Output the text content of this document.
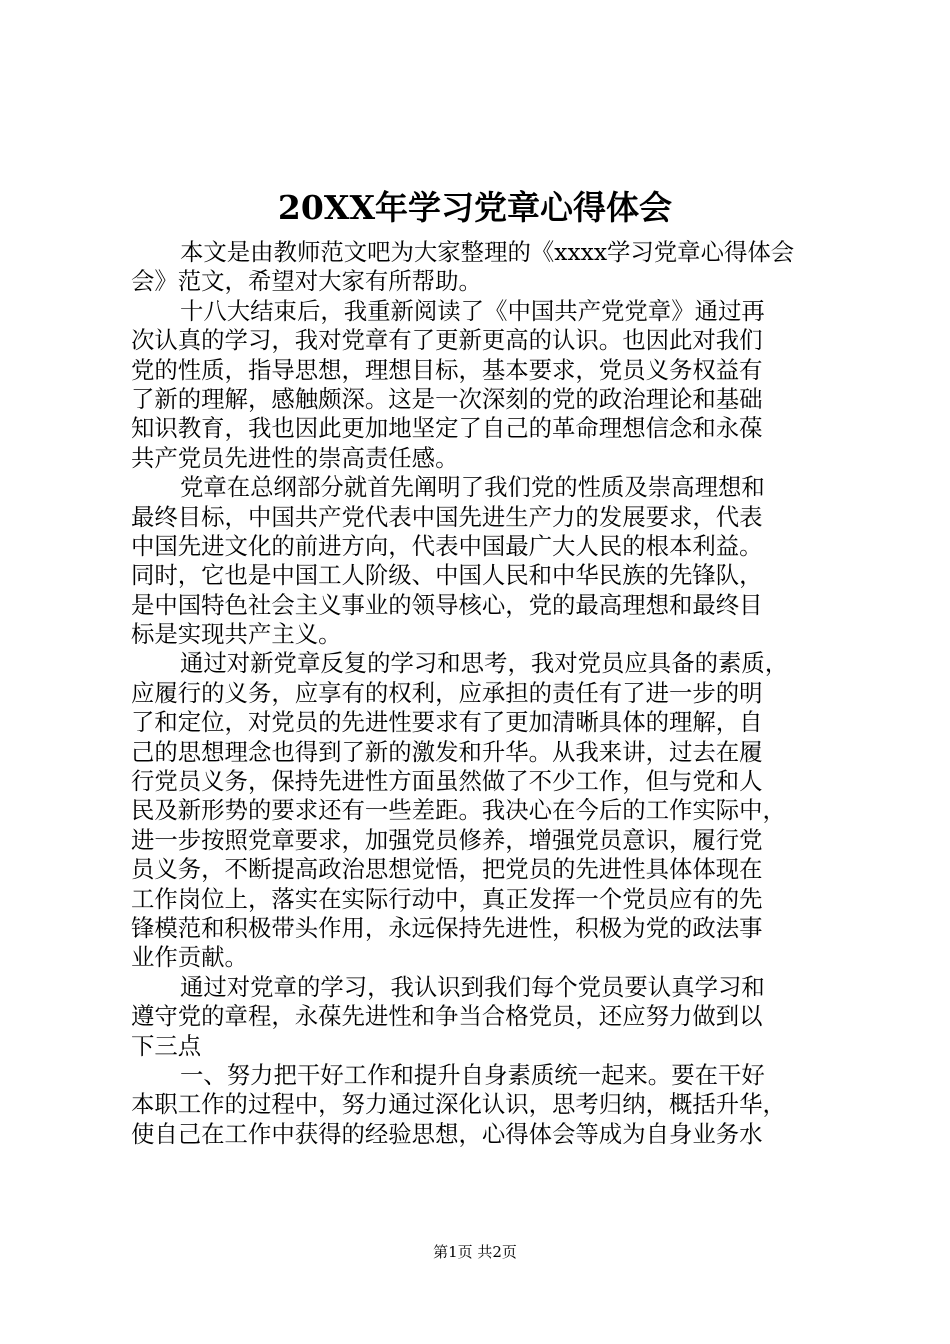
20XX年学习党章心得体会
本文是由教师范文吧为大家整理的《xxxx学习党章心得体会
会》范文，希望对大家有所帮助。
十八大结束后，我重新阅读了《中国共产党党章》通过再
次认真的学习，我对党章有了更新更高的认识。也因此对我们
党的性质，指导思想，理想目标，基本要求，党员义务权益有
了新的理解，感触颇深。这是一次深刻的党的政治理论和基础
知识教育，我也因此更加地坚定了自己的革命理想信念和永葆
共产党员先进性的崇高责任感。
党章在总纲部分就首先阐明了我们党的性质及崇高理想和
最终目标，中国共产党代表中国先进生产力的发展要求，代表
中国先进文化的前进方向，代表中国最广大人民的根本利益。
同时，它也是中国工人阶级、中国人民和中华民族的先锋队，
是中国特色社会主义事业的领导核心，党的最高理想和最终目
标是实现共产主义。
通过对新党章反复的学习和思考，我对党员应具备的素质，
应履行的义务，应享有的权利，应承担的责任有了进一步的明
了和定位，对党员的先进性要求有了更加清晰具体的理解，自
己的思想理念也得到了新的激发和升华。从我来讲，过去在履
行党员义务，保持先进性方面虽然做了不少工作，但与党和人
民及新形势的要求还有一些差距。我决心在今后的工作实际中，
进一步按照党章要求，加强党员修养，增强党员意识，履行党
员义务，不断提高政治思想觉悟，把党员的先进性具体体现在
工作岗位上，落实在实际行动中，真正发挥一个党员应有的先
锋模范和积极带头作用，永远保持先进性，积极为党的政法事
业作贡献。
通过对党章的学习，我认识到我们每个党员要认真学习和
遵守党的章程，永葆先进性和争当合格党员，还应努力做到以
下三点
一、努力把干好工作和提升自身素质统一起来。要在干好
本职工作的过程中，努力通过深化认识，思考归纳，概括升华，
使自己在工作中获得的经验思想，心得体会等成为自身业务水
第1页 共2页
